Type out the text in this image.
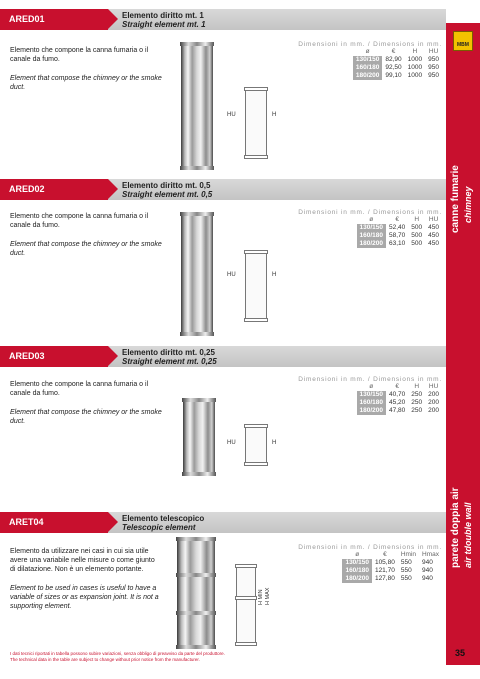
ARED01	Elemento diritto mt. 1
Straight element mt. 1
Elemento che compone la canna fumaria o il canale da fumo.
Element that compose the chimney or the smoke duct.
HU	H
Dimensioni in mm. / Dimensions in mm.
ø	€	H	HU
130/150	82,90	1000	950
160/180	92,50	1000	950
180/200	99,10	1000	950
ARED02	Elemento diritto mt. 0,5
Straight element mt. 0,5
Elemento che compone la canna fumaria o il canale da fumo.
Element that compose the chimney or the smoke duct.
HU	H
Dimensioni in mm. / Dimensions in mm.
ø	€	H	HU
130/150	52,40	500	450
160/180	58,70	500	450
180/200	63,10	500	450
ARED03	Elemento diritto mt. 0,25
Straight element mt. 0,25
Elemento che compone la canna fumaria o il canale da fumo.
Element that compose the chimney or the smoke duct.
HU	H
Dimensioni in mm. / Dimensions in mm.
ø	€	H	HU
130/150	40,70	250	200
160/180	45,20	250	200
180/200	47,80	250	200
ARET04	Elemento telescopico
Telescopic element
Elemento da utilizzare nei casi in cui sia utile avere una variabile nelle misure o come giunto di dilatazione. Non è un elemento portante.
Element to be used in cases is useful to have a variable of sizes or as expansion joint. It is not a supporting element.
H MIN H MAX
Dimensioni in mm. / Dimensions in mm.
ø	€	Hmin	Hmax
130/150	105,80	550	940
160/180	121,70	550	940
180/200	127,80	550	940
MBM
canne fumarie chimney
parete doppia air air tdouble wall
I dati tecnici riportati in tabella possono subire variazioni, senza obbligo di preavviso da parte del produttore.
The technical data in the table are subject to change without prior notice from the manufacturer.
35
